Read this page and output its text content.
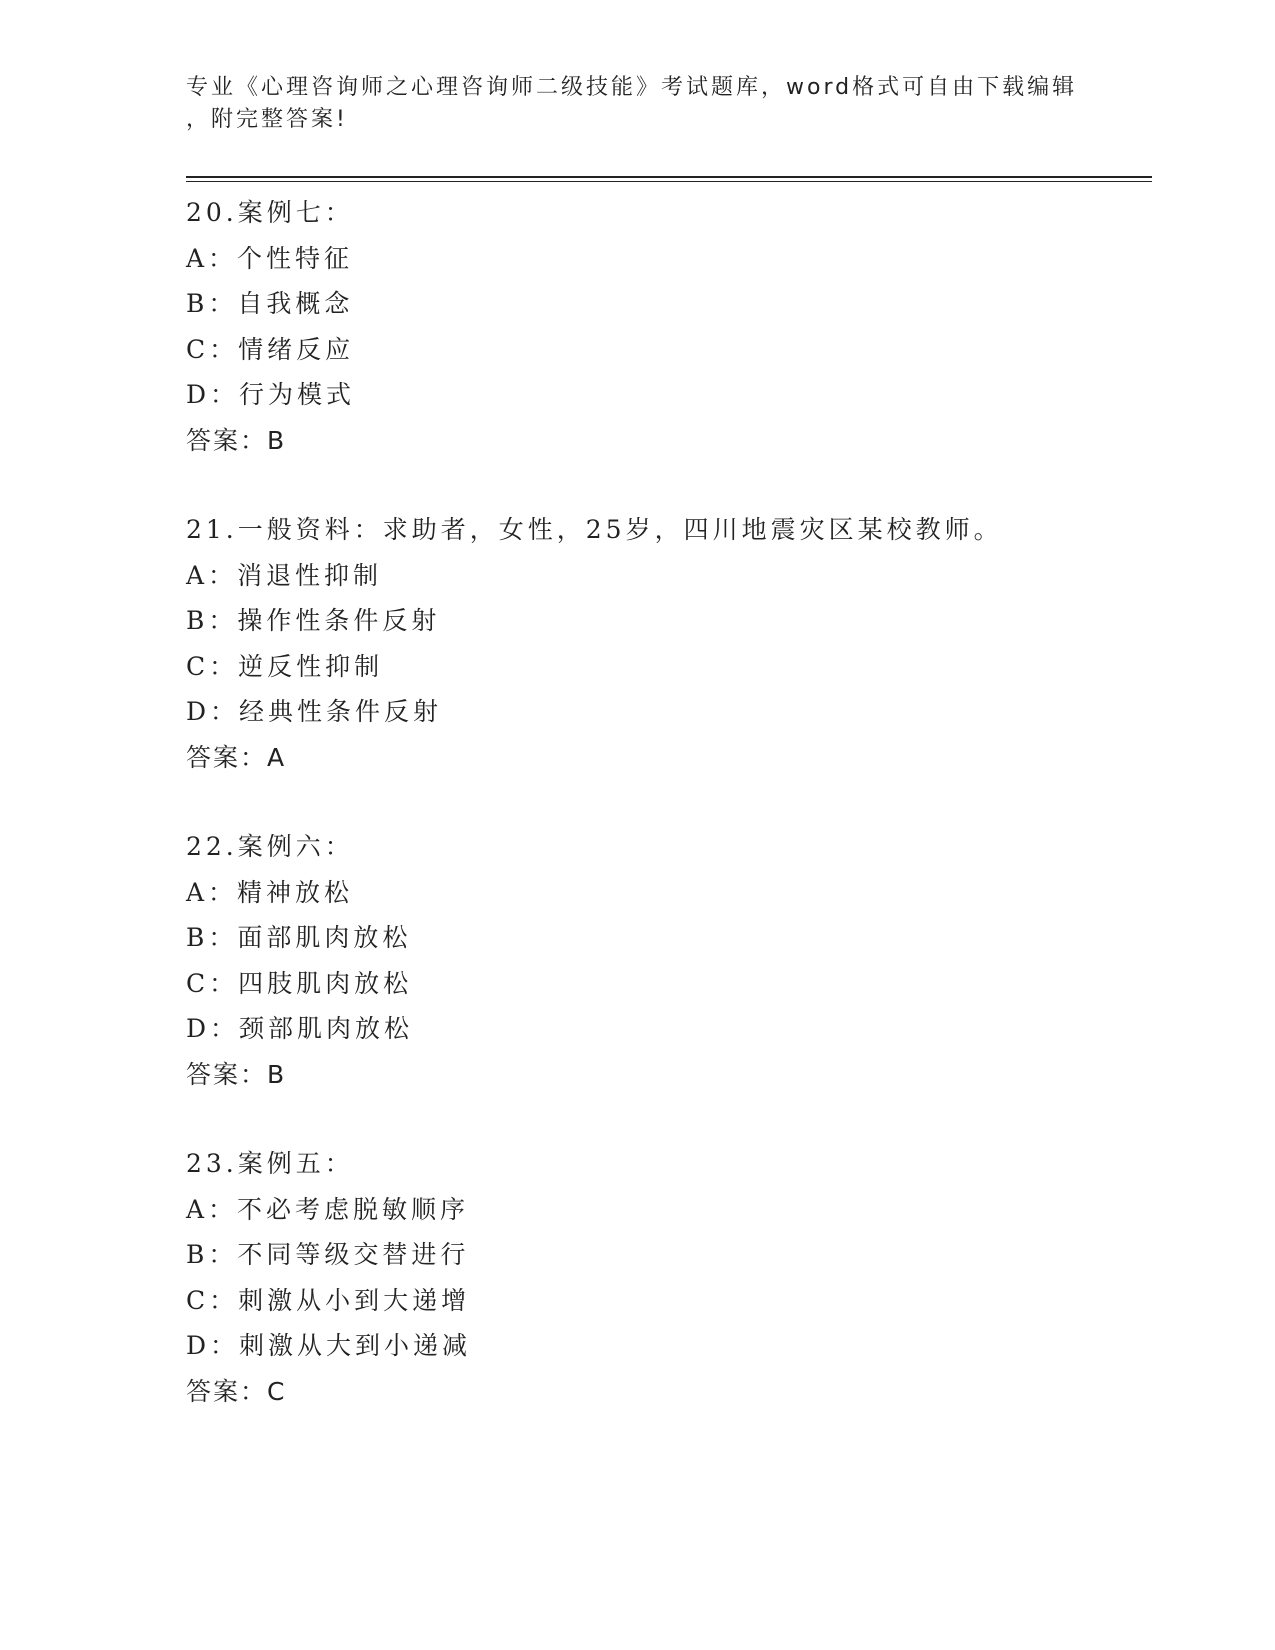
专业《心理咨询师之心理咨询师二级技能》考试题库，word格式可自由下载编辑
，附完整答案!
20.案例七：
A：个性特征
B：自我概念
C：情绪反应
D：行为模式
答案：B
21.一般资料：求助者，女性，25岁，四川地震灾区某校教师。
A：消退性抑制
B：操作性条件反射
C：逆反性抑制
D：经典性条件反射
答案：A
22.案例六：
A：精神放松
B：面部肌肉放松
C：四肢肌肉放松
D：颈部肌肉放松
答案：B
23.案例五：
A：不必考虑脱敏顺序
B：不同等级交替进行
C：刺激从小到大递增
D：刺激从大到小递减
答案：C
